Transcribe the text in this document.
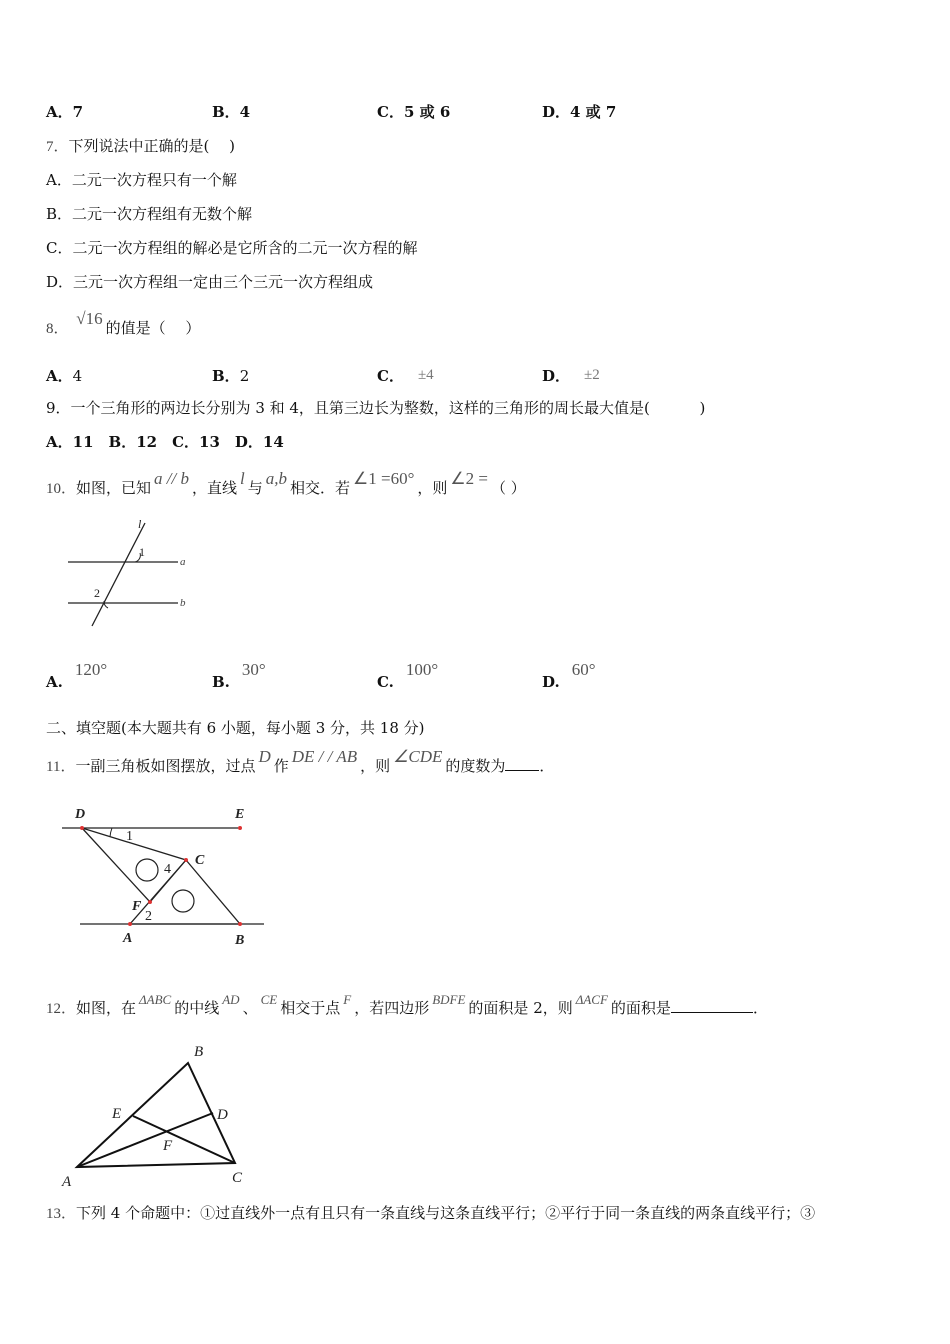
A．7	B．4	C．5 或 6	D．4 或 7
7．下列说法中正确的是(　 )
A．二元一次方程只有一个解
B．二元一次方程组有无数个解
C．二元一次方程组的解必是它所含的二元一次方程的解
D．三元一次方程组一定由三个三元一次方程组成
8． √16 的值是（　 ）
A．4	B．2	C． ±4	D． ±2
9．一个三角形的两边长分别为 3 和 4，且第三边长为整数，这样的三角形的周长最大值是(　　　 )
A．11　B．12　C．13　D．14
10．如图，已知 a // b ，直线 l 与 a,b 相交．若 ∠1 =60° ，则 ∠2 = （ ）
l
1
a
2
b
A.120°
B.30°
C.100°
D.60°
二、填空题(本大题共有 6 小题，每小题 3 分，共 18 分)
11．一副三角板如图摆放，过点 D 作 DE / / AB ，则 ∠CDE 的度数为 ．
D	E
1
4
C
F
2
A	B
12．如图，在 ΔABC 的中线 AD 、 CE 相交于点 F ，若四边形 BDFE 的面积是 2，则 ΔACF 的面积是	．
B
E	D
F
A	C
13．下列 4 个命题中：①过直线外一点有且只有一条直线与这条直线平行；②平行于同一条直线的两条直线平行；③
